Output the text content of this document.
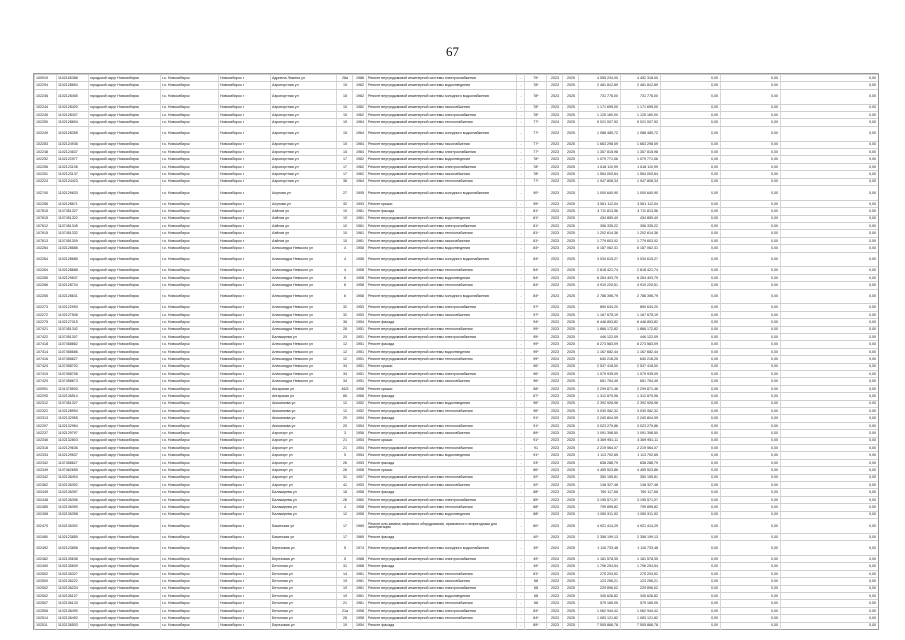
67
100915	1102165388	городской округ Новосибирск	г.о. Новосибирск	Новосибирск г	Адриена Лежена ул	28а	1986	Ремонт внутридомовой инженерной системы электроснабжения	-	75*	2023	2025	4 555 234,00	4 452 318,00	0,00	0,00	0,00
102294	1102128654	городской округ Новосибирск	г.о. Новосибирск	Новосибирск г	Аэропортная ул	15	1962	Ремонт внутридомовой инженерной системы водоотведения	-	78*	2023	2025	2 481 812,89	2 481 812,89	0,00	0,00	0,00
102246	1102128455	городской округ Новосибирск	г.о. Новосибирск	Новосибирск г	Аэропортная ул	15	1962	Ремонт внутридомовой инженерной системы холодного водоснабжения	-	78*	2023	2025	731 776,00	731 776,00	0,00	0,00	0,00
102244	1102128420	городской округ Новосибирск	г.о. Новосибирск	Новосибирск г	Аэропортная ул	15	1962	Ремонт внутридомовой инженерной системы газоснабжения	-	78*	2023	2025	1 171 695,00	1 171 695,00	0,00	0,00	0,00
102245	1102128437	городской округ Новосибирск	г.о. Новосибирск	Новосибирск г	Аэропортная ул	15	1962	Ремонт внутридомовой инженерной системы электроснабжения	-	78*	2023	2025	1 125 160,00	1 125 160,00	0,00	0,00	0,00
102250	1102128694	городской округ Новосибирск	г.о. Новосибирск	Новосибирск г	Аэропортная ул	15	1964	Ремонт внутридомовой инженерной системы теплоснабжения	-	77*	2024	2025	5 021 007,92	5 021 007,92	0,00	0,00	0,00
102249	1102128355	городской округ Новосибирск	г.о. Новосибирск	Новосибирск г	Аэропортная ул	15	1964	Ремонт внутридомовой инженерной системы холодного водоснабжения	-	77*	2023	2025	1 088 485,72	1 088 485,72	0,00	0,00	0,00
102283	1102124936	городской округ Новосибирск	г.о. Новосибирск	Новосибирск г	Аэропортная ул	15	1964	Ремонт внутридомовой инженерной системы газоснабжения	-	77*	2023	2025	1 663 298,09	1 663 298,09	0,00	0,00	0,00
102248	1102124637	городской округ Новосибирск	г.о. Новосибирск	Новосибирск г	Аэропортная ул	15	1964	Ремонт внутридомовой инженерной системы электроснабжения	-	77*	2023	2025	1 357 815,98	1 357 815,98	0,00	0,00	0,00
102252	1102122977	городской округ Новосибирск	г.о. Новосибирск	Новосибирск г	Аэропортная ул	17	1962	Ремонт внутридомовой инженерной системы водоотведения	-	78*	2023	2025	1 079 771,06	1 079 771,06	0,00	0,00	0,00
102256	1102123106	городской округ Новосибирск	г.о. Новосибирск	Новосибирск г	Аэропортная ул	17	1962	Ремонт внутридомовой инженерной системы электроснабжения	-	78*	2023	2025	1 618 110,99	1 618 110,99	0,00	0,00	0,00
102251	1102123137	городской округ Новосибирск	г.о. Новосибирск	Новосибирск г	Аэропортная ул	17	1962	Ремонт внутридомовой инженерной системы газоснабжения	-	78*	2023	2025	1 554 000,64	1 554 000,64	0,00	0,00	0,00
102224	1102124423	городской округ Новосибирск	г.о. Новосибирск	Новосибирск г	Аэропортная ул	36	1964	Ремонт внутридомовой инженерной системы теплоснабжения	-	77*	2023	2025	1 947 808,34	1 947 808,34	0,00	0,00	0,00
102740	1102129633	городской округ Новосибирск	г.о. Новосибирск	Новосибирск г	Ахунова ул	27	1995	Ремонт внутридомовой инженерной системы холодного водоснабжения	-	90*	2023	2025	1 000 640,90	1 000 640,90	0,00	0,00	0,00
102256	1102128671	городской округ Новосибирск	г.о. Новосибирск	Новосибирск г	Ахунова ул	32	1993	Ремонт крыши	-	95*	2023	2025	3 561 112,04	3 561 112,04	0,00	0,00	0,00
107615	1107451327	городской округ Новосибирск	г.о. Новосибирск	Новосибирск г	Аэйнов ул	10	1961	Ремонт фасада	-	81*	2023	2025	3 711 813,56	3 711 813,56	0,00	0,00	0,00
107615	1107451322	городской округ Новосибирск	г.о. Новосибирск	Новосибирск г	Аэйнов ул	10	1961	Ремонт внутридомовой инженерной системы водоотведения	-	81*	2023	2025	434 859,40	434 859,40	0,00	0,00	0,00
107612	1107451345	городской округ Новосибирск	г.о. Новосибирск	Новосибирск г	Аэйнов ул	10	1961	Ремонт внутридомовой инженерной системы электроснабжения	-	81*	2023	2025	396 335,22	396 335,22	0,00	0,00	0,00
107615	1107451332	городской округ Новосибирск	г.о. Новосибирск	Новосибирск г	Аэйнов ул	10	1961	Ремонт внутридомовой инженерной системы теплоснабжения	-	81*	2023	2025	1 202 614,36	1 202 614,36	0,00	0,00	0,00
107613	1107451309	городской округ Новосибирск	г.о. Новосибирск	Новосибирск г	Аэйнов ул	10	1961	Ремонт внутридомовой инженерной системы газоснабжения	-	81*	2023	2025	1 779 603,02	1 779 603,02	0,00	0,00	0,00
102264	1102128686	городской округ Новосибирск	г.о. Новосибирск	Новосибирск г	Александра Невского ул	4	1958	Ремонт внутридомовой инженерной системы водоотведения	-	84*	2023	2025	6 187 062,31	6 187 062,31	0,00	0,00	0,00
102264	1102128685	городской округ Новосибирск	г.о. Новосибирск	Новосибирск г	Александра Невского ул	4	1958	Ремонт внутридомовой инженерной системы холодного водоснабжения	-	84*	2023	2025	3 034 615,27	3 034 615,27	0,00	0,00	0,00
102264	1102128688	городской округ Новосибирск	г.о. Новосибирск	Новосибирск г	Александра Невского ул	4	1958	Ремонт внутридомовой инженерной системы теплоснабжения	-	84*	2023	2025	2 618 421,74	2 618 421,74	0,00	0,00	0,00
102265	1102129637	городской округ Новосибирск	г.о. Новосибирск	Новосибирск г	Александра Невского ул	6	1958	Ремонт внутридомовой инженерной системы водоотведения	-	84*	2023	2025	6 264 403,79	6 264 403,79	0,00	0,00	0,00
102266	1102128734	городской округ Новосибирск	г.о. Новосибирск	Новосибирск г	Александра Невского ул	6	1958	Ремонт внутридомовой инженерной системы теплоснабжения	-	84*	2023	2025	4 910 220,51	4 910 220,51	0,00	0,00	0,00
102265	1102128631	городской округ Новосибирск	г.о. Новосибирск	Новосибирск г	Александра Невского ул	6	1958	Ремонт внутридомовой инженерной системы холодного водоснабжения	-	84*	2023	2025	2 788 398,79	2 788 398,79	0,00	0,00	0,00
102273	1102122953	городской округ Новосибирск	г.о. Новосибирск	Новосибирск г	Александра Невского ул	32	1953	Ремонт внутридомовой инженерной системы электроснабжения	-	97*	2023	2025	890 634,20	890 634,20	0,00	0,00	0,00
102272	1102127506	городской округ Новосибирск	г.о. Новосибирск	Новосибирск г	Александра Невского ул	32	1953	Ремонт внутридомовой инженерной системы газоснабжения	-	97*	2023	2025	1 167 675,19	1 167 675,19	0,00	0,00	0,00
102275	1102127015	городской округ Новосибирск	г.о. Новосибирск	Новосибирск г	Александра Невского ул	36	1954	Ремонт фасада	-	94*	2023	2025	6 446 893,82	6 446 893,82	0,00	0,00	0,00
107421	1107451342	городской округ Новосибирск	г.о. Новосибирск	Новосибирск г	Александра Невского ул	28	1951	Ремонт внутридомовой инженерной системы теплоснабжения	-	99*	2023	2025	1 866 172,82	1 866 172,82	0,00	0,00	0,00
107422	1107451307	городской округ Новосибирск	г.о. Новосибирск	Новосибирск г	Балакирева ул	20	1951	Ремонт внутридомовой инженерной системы электроснабжения	-	95*	2023	2025	446 122,09	446 122,09	0,00	0,00	0,00
107418	1107458662	городской округ Новосибирск	г.о. Новосибирск	Новосибирск г	Александра Невского ул	12	1951	Ремонт фасада	-	99*	2023	2025	6 273 563,09	6 273 563,09	0,00	0,00	0,00
107414	1107458686	городской округ Новосибирск	г.о. Новосибирск	Новосибирск г	Александра Невского ул	12	1951	Ремонт внутридомовой инженерной системы водоотведения	-	99*	2023	2025	1 167 682,44	1 167 682,44	0,00	0,00	0,00
107416	1107458627	городской округ Новосибирск	г.о. Новосибирск	Новосибирск г	Александра Невского ул	12	1951	Ремонт внутридомовой инженерной системы теплоснабжения	-	99*	2024	2025	640 216,25	640 216,25	0,00	0,00	0,00
107420	1107458702	городской округ Новосибирск	г.о. Новосибирск	Новосибирск г	Александра Невского ул	34	1951	Ремонт крыши	-	96*	2023	2025	2 537 418,00	2 537 418,00	0,00	0,00	0,00
107419	1107458706	городской округ Новосибирск	г.о. Новосибирск	Новосибирск г	Александра Невского ул	34	1951	Ремонт внутридомовой инженерной системы электроснабжения	-	96*	2023	2025	1 079 935,09	1 079 935,09	0,00	0,00	0,00
107420	1107458673	городской округ Новосибирск	г.о. Новосибирск	Новосибирск г	Александра Невского ул	34	1951	Ремонт внутридомовой инженерной системы газоснабжения	-	96*	2023	2025	651 764,45	651 764,45	0,00	0,00	0,00
100991	1101378500	городской округ Новосибирск	г.о. Новосибирск	Новосибирск г	Ангарская ул	46/3	1958	Ремонт крыши	-	58*	2023	2025	2 299 871,46	2 299 871,46	0,00	0,00	0,00
102293	1102136514	городской округ Новосибирск	г.о. Новосибирск	Новосибирск г	Ангарская ул	66	1966	Ремонт фасада	-	87*	2023	2025	1 312 875,96	1 312 875,96	0,00	0,00	0,00
102312	1107451327	городской округ Новосибирск	г.о. Новосибирск	Новосибирск г	Анисимова ул	12	1952	Ремонт внутридомовой инженерной системы водоотведения	-	96*	2023	2025	2 392 926,96	2 392 926,96	0,00	0,00	0,00
102322	1102128994	городской округ Новосибирск	г.о. Новосибирск	Новосибирск г	Анисимова ул	12	1952	Ремонт внутридомовой инженерной системы теплоснабжения	-	96*	2023	2025	3 030 062,32	3 030 062,32	0,00	0,00	0,00
102313	1102132955	городской округ Новосибирск	г.о. Новосибирск	Новосибирск г	Анисимова ул	20	1954	Ремонт фасада	-	91*	2023	2025	2 240 804,95	2 240 804,95	0,00	0,00	0,00
102297	1102132964	городской округ Новосибирск	г.о. Новосибирск	Новосибирск г	Анисимова ул	20	1954	Ремонт внутридомовой инженерной системы теплоснабжения	-	91*	2023	2025	3 023 279,86	3 023 279,86	0,00	0,00	0,00
102237	1102129797	городской округ Новосибирск	г.о. Новосибирск	Новосибирск г	Аэропорт ул	3	1956	Ремонт внутридомовой инженерной системы газоснабжения	-	89*	2023	2025	1 091 398,50	1 091 398,50	0,00	0,00	0,00
102346	1102132803	городской округ Новосибирск	г.о. Новосибирск	Новосибирск г	Аэропорт ул	21	1954	Ремонт крыши	-	91*	2023	2025	4 369 951,11	4 369 951,11	0,00	0,00	0,00
102318	1102129636	городской округ Новосибирск	г.о. Новосибирск	Новосибирск г	Аэропорт ул	21	1954	Ремонт внутридомовой инженерной системы теплоснабжения	-	91	2023	2025	2 219 564,07	2 219 564,07	0,00	0,00	0,00
102334	1102129637	городской округ Новосибирск	г.о. Новосибирск	Новосибирск г	Аэропорт ул	5	1954	Ремонт внутридомовой инженерной системы водоотведения	-	91*	2023	2025	1 113 792,65	1 113 792,65	0,00	0,00	0,00
102342	1107458627	городской округ Новосибирск	г.о. Новосибирск	Новосибирск г	Аэропорт ул	26	1953	Ремонт фасада	-	93*	2023	2025	838 288,79	838 288,79	0,00	0,00	0,00
102349	1107462655	городской округ Новосибирск	г.о. Новосибирск	Новосибирск г	Аэропорт ул	26	1958	Ремонт крыши	-	86*	2023	2025	4 455 523,86	4 455 523,86	0,00	0,00	0,00
102342	1102136404	городской округ Новосибирск	г.о. Новосибирск	Новосибирск г	Аэропорт ул	31	1957	Ремонт внутридомовой инженерной системы теплоснабжения	-	92*	2023	2025	350 155,81	350 155,81	0,00	0,00	0,00
102362	1102136392	городской округ Новосибирск	г.о. Новосибирск	Новосибирск г	Аэропорт ул	41	1953	Ремонт внутридомовой инженерной системы газоснабжения	-	92*	2023	2025	138 327,48	138 327,48	0,00	0,00	0,00
102449	1102136397	городской округ Новосибирск	г.о. Новосибирск	Новосибирск г	Балакирева ул	18	1958	Ремонт фасада	-	88*	2023	2025	760 117,68	760 117,68	0,00	0,00	0,00
102448	1102136396	городской округ Новосибирск	г.о. Новосибирск	Новосибирск г	Балакирева ул	26	1960	Ремонт внутридомовой инженерной системы электроснабжения	-	85*	2023	2025	3 195 571,07	3 195 571,07	0,00	0,00	0,00
102485	1102136390	городской округ Новосибирск	г.о. Новосибирск	Новосибирск г	Балакирева ул	4	1958	Ремонт внутридомовой инженерной системы теплоснабжения	-	88*	2023	2025	795 895,82	795 895,82	0,00	0,00	0,00
102458	1102136398	городской округ Новосибирск	г.о. Новосибирск	Новосибирск г	Балакирева ул	12	1958	Ремонт внутридомовой инженерной системы водоотведения	-	88*	2023	2025	1 050 911,52	1 050 911,52	0,00	0,00	0,00
102470	1102136392	городской округ Новосибирск	г.о. Новосибирск	Новосибирск г	Бакинская ул	17	1989	Ремонт или замена лифтового оборудования, признанного непригодным для эксплуатации	-	80*	2023	2025	4 921 414,29	4 921 414,29	0,00	0,00	0,00
102480	1102123855	городской округ Новосибирск	г.о. Новосибирск	Новосибирск г	Бакинская ул	17	1989	Ремонт фасада	-	40*	2023	2025	2 358 199,13	2 358 199,13	0,00	0,00	0,00
102492	1102123856	городской округ Новосибирск	г.о. Новосибирск	Новосибирск г	Березовая ул	5	1974	Ремонт внутридомовой инженерной системы холодного водоснабжения	-	49*	2024	2025	1 116 733,48	1 116 733,48	0,00	0,00	0,00
102482	1102135638	городской округ Новосибирск	г.о. Новосибирск	Новосибирск г	Березовая ул	5	1988	Ремонт внутридомовой инженерной системы электроснабжения	-	49*	2024	2025	1 181 578,35	1 181 578,35	0,00	0,00	0,00
102490	1102135609	городской округ Новосибирск	г.о. Новосибирск	Новосибирск г	Бетонная ул	31	1988	Ремонт фасада	-	49*	2023	2025	1 796 254,54	1 796 254,54	0,00	0,00	0,00
102502	1102136327	городской округ Новосибирск	г.о. Новосибирск	Новосибирск г	Бетонная ул	14	1961	Ремонт внутридомовой инженерной системы теплоснабжения	-	81*	2023	2025	270 203,52	270 203,52	0,00	0,00	0,00
102500	1102136222	городской округ Новосибирск	г.о. Новосибирск	Новосибирск г	Бетонная ул	19	1961	Ремонт внутридомовой инженерной системы газоснабжения	-	68	2023	2025	123 256,21	123 256,21	0,00	0,00	0,00
102502	1102136234	городской округ Новосибирск	г.о. Новосибирск	Новосибирск г	Бетонная ул	19	1961	Ремонт внутридомовой инженерной системы электроснабжения	-	68	2023	2025	229 896,02	229 896,02	0,00	0,00	0,00
102502	1102136107	городской округ Новосибирск	г.о. Новосибирск	Новосибирск г	Бетонная ул	19	1961	Ремонт внутридомовой инженерной системы водоотведения	-	68	2023	2025	345 626,82	345 626,82	0,00	0,00	0,00
102507	1102136133	городской округ Новосибирск	г.о. Новосибирск	Новосибирск г	Бетонная ул	21	1961	Ремонт внутридомовой инженерной системы теплоснабжения	-	68	2023	2025	579 165,05	579 165,05	0,00	0,00	0,00
102506	1102136490	городской округ Новосибирск	г.о. Новосибирск	Новосибирск г	Бетонная ул	21а	1958	Ремонт внутридомовой инженерной системы электроснабжения	-	84*	2023	2025	1 062 944,42	1 062 944,42	0,00	0,00	0,00
102514	1102136492	городской округ Новосибирск	г.о. Новосибирск	Новосибирск г	Бетонная ул	28	1958	Ремонт внутридомовой инженерной системы теплоснабжения	-	84*	2023	2025	1 083 121,82	1 083 121,82	0,00	0,00	0,00
102511	1102136503	городской округ Новосибирск	г.о. Новосибирск	Новосибирск г	Березовая ул	19	1954	Ремонт фасада	-	89*	2023	2025	7 505 868,78	7 505 868,78	0,00	0,00	0,00
